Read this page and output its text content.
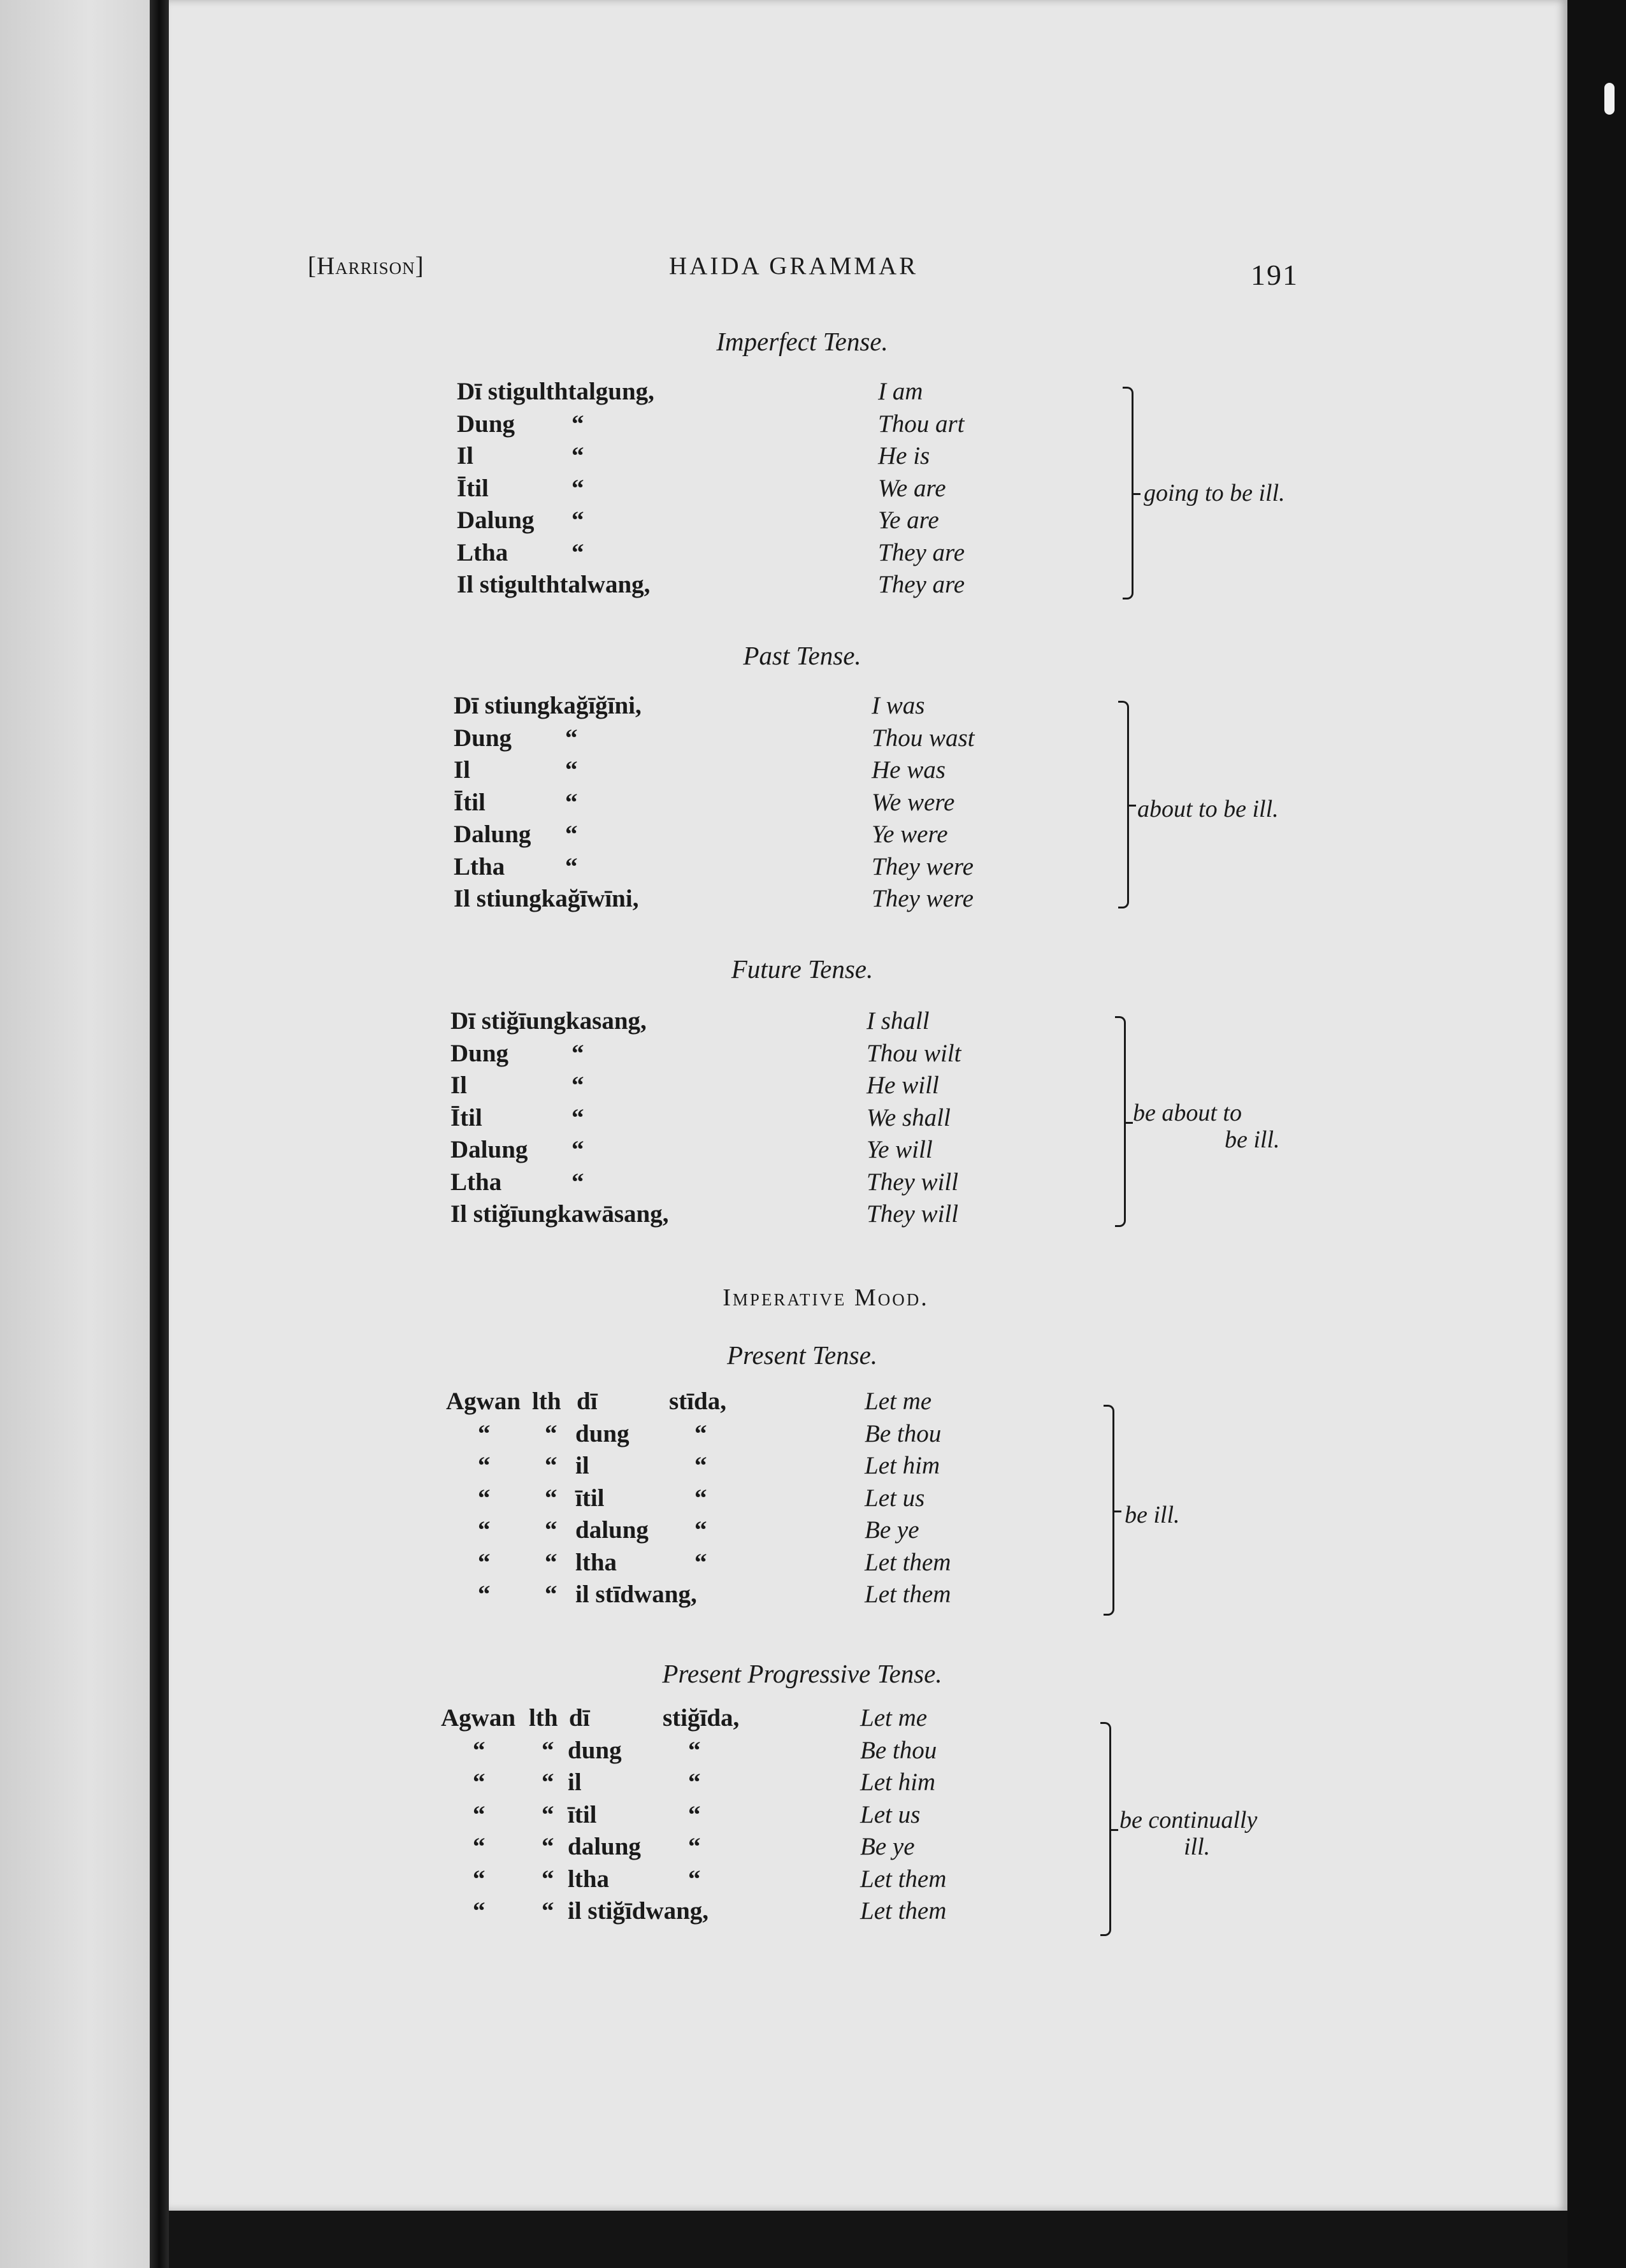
[Harrison]	HAIDA GRAMMAR	191
Imperfect Tense.
Dī stigulthtalgung,	I am
Dung “	Thou art
Il	“	He is
Ītil	“	We are
Dalung “	Ye are
Ltha	“	They are
Il stigulthtalwang,	They are
going to be ill.
Past Tense.
Dī stiungkağīğīni,	I was
Dung “	Thou wast
Il	“	He was
Ītil	“	We were
Dalung “	Ye were
Ltha “	They were
Il stiungkağīwīni,	They were
about to be ill.
Future Tense.
Dī stiğīungkasang,	I shall
Dung	“	Thou wilt
Il	“	He will
Ītil	“	We shall
Dalung “	Ye will
Ltha	“	They will
Il stiğīungkawāsang,	They will
be about to
be ill.
Imperative Mood.
Present Tense.
Agwan lth dī	stīda,	Let me
“ “ dung	“	Be thou
“ “ il	“	Let him
“ “ ītil	“	Let us
“ “ dalung “	Be ye
“ “ ltha	“	Let them
“ “ il stīdwang,	Let them
be ill.
Present Progressive Tense.
Agwan lth dī	stiğīda,	Let me
“ “ dung	“	Be thou
“ “ il	“	Let him
“ “ ītil	“	Let us
“ “ dalung “	Be ye
“ “ ltha	“	Let them
“ “ il stiğīdwang,	Let them
be continually
ill.
